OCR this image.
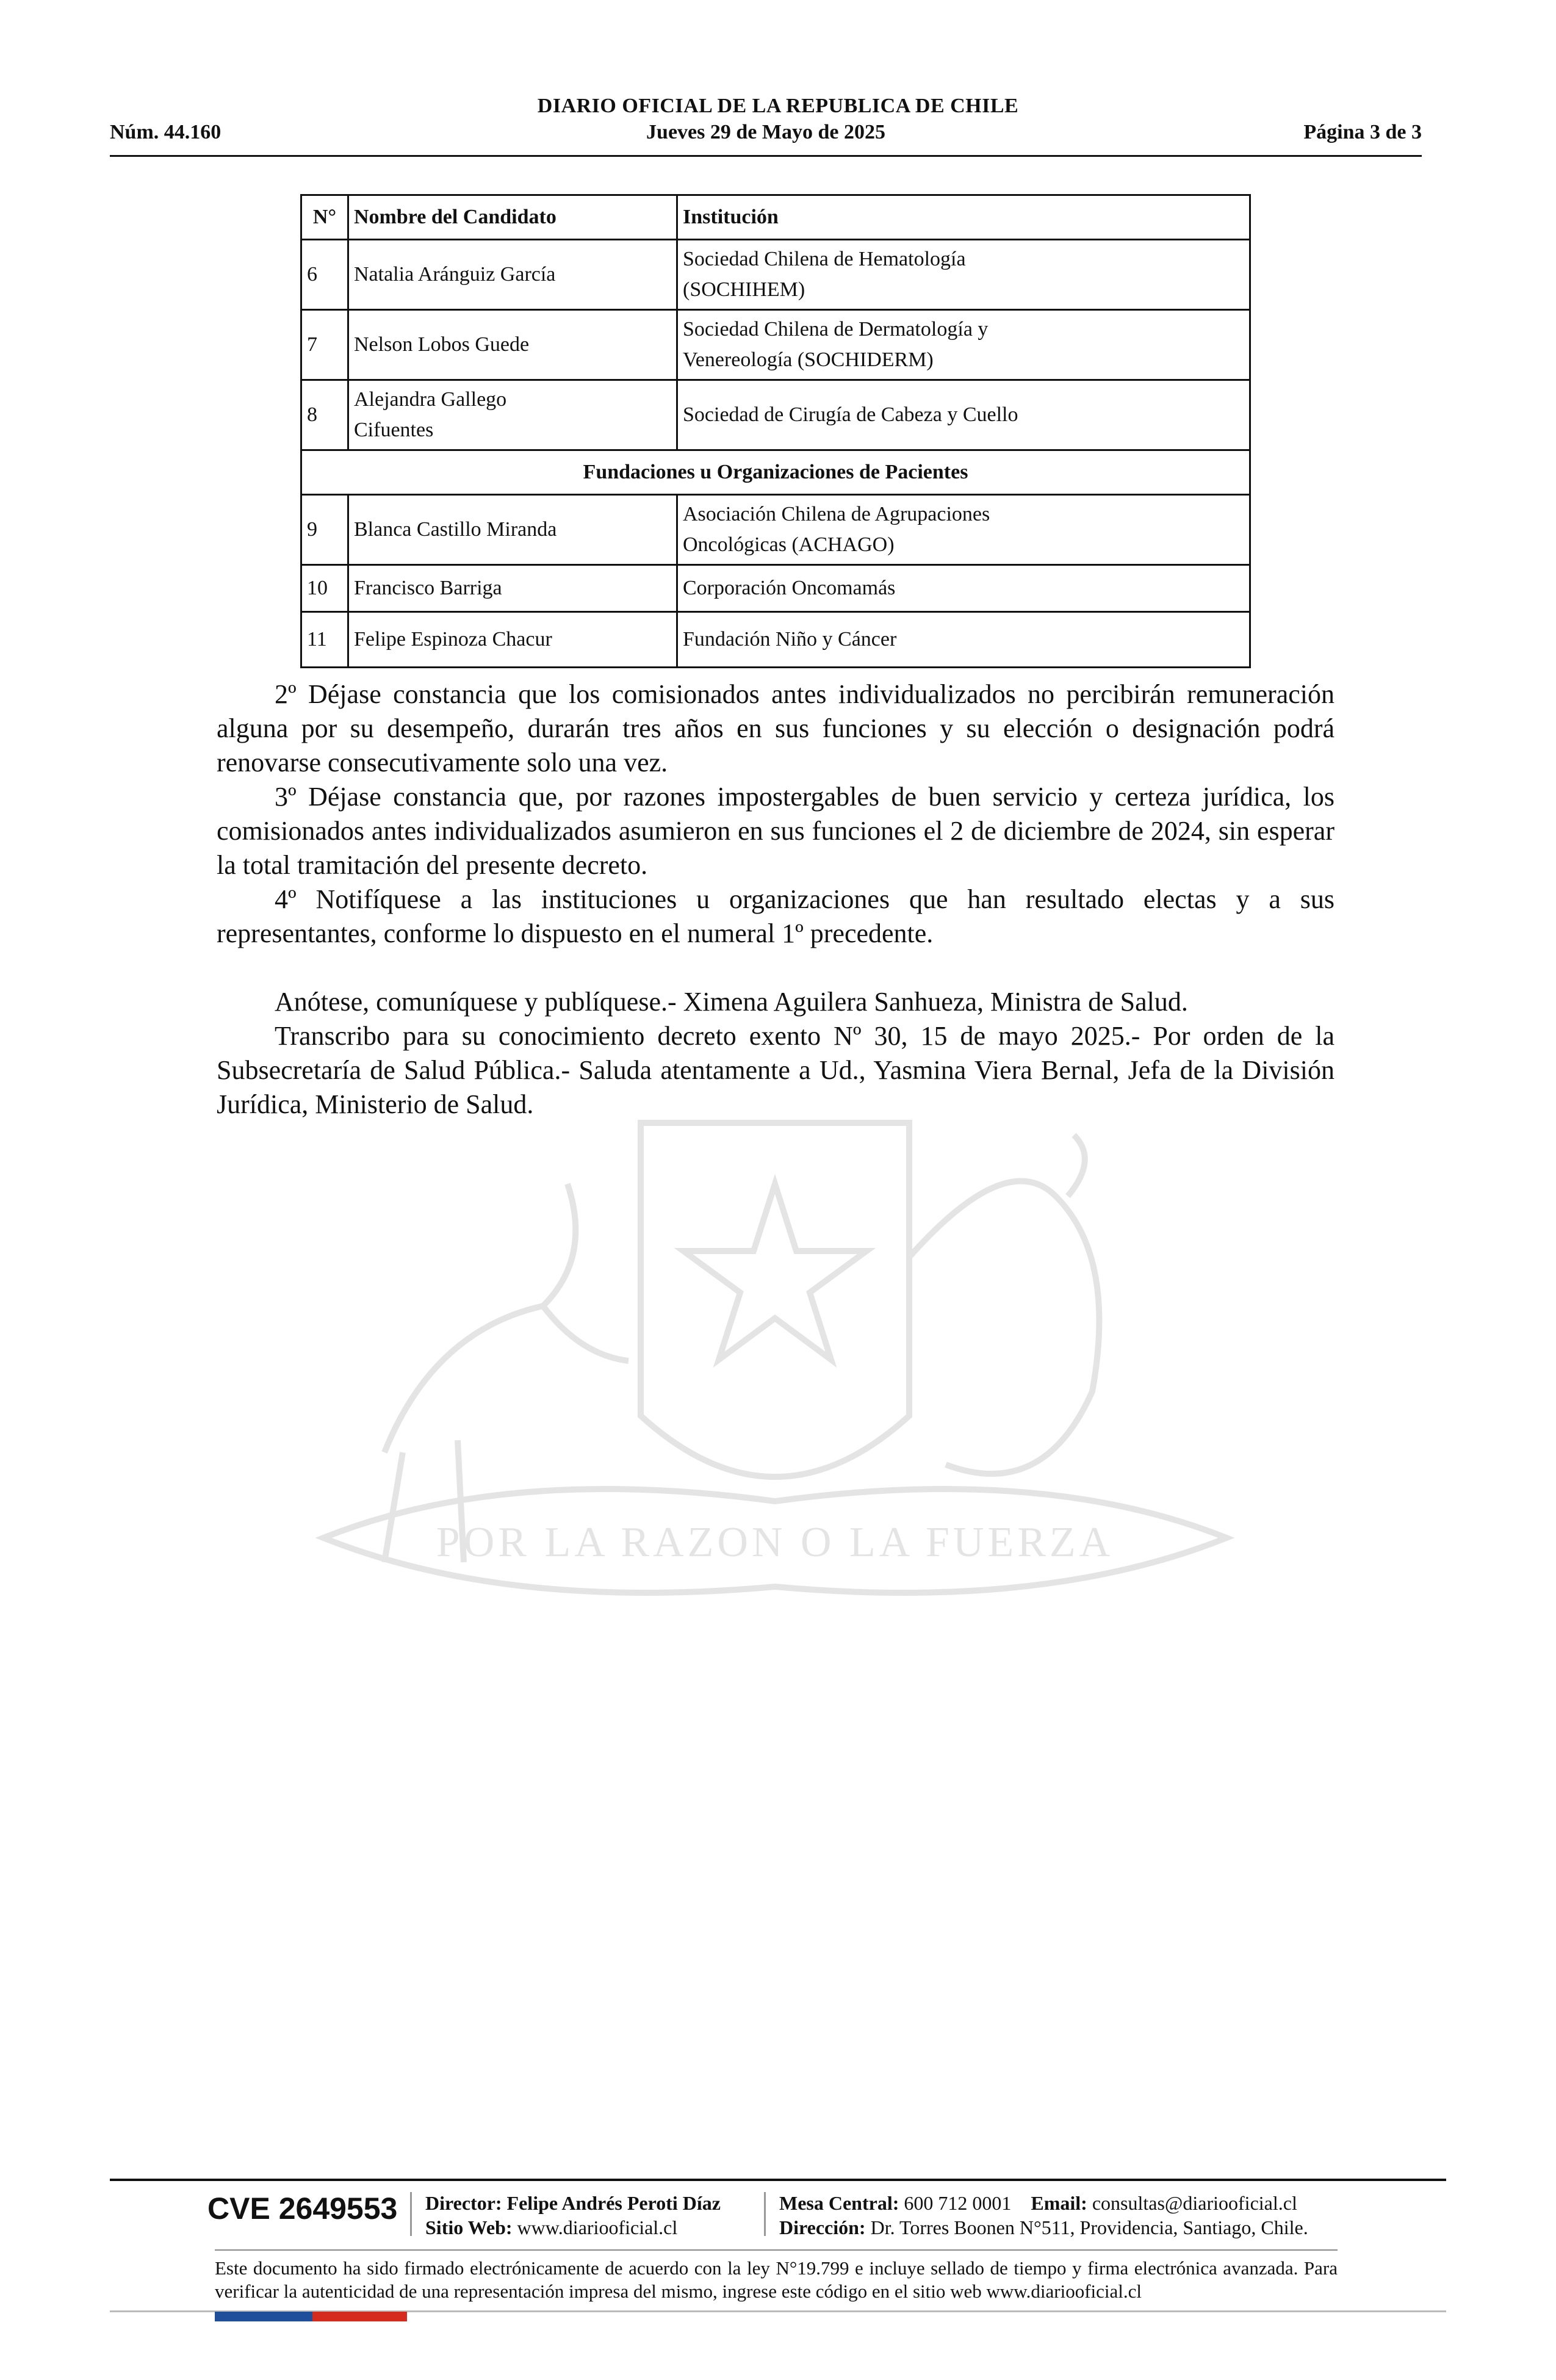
DIARIO OFICIAL DE LA REPUBLICA DE CHILE
Jueves 29 de Mayo de 2025
Núm. 44.160	Página 3 de 3
POR LA RAZON O LA FUERZA
N°	Nombre del Candidato	Institución
6	Natalia Aránguiz García	Sociedad Chilena de Hematología
(SOCHIHEM)
7	Nelson Lobos Guede	Sociedad Chilena de Dermatología y
Venereología (SOCHIDERM)
8	Alejandra Gallego
Cifuentes	Sociedad de Cirugía de Cabeza y Cuello
Fundaciones u Organizaciones de Pacientes		
9	Blanca Castillo Miranda	Asociación Chilena de Agrupaciones
Oncológicas (ACHAGO)
10	Francisco Barriga	Corporación Oncomamás
11	Felipe Espinoza Chacur	Fundación Niño y Cáncer

2º Déjase constancia que los comisionados antes individualizados no percibirán remuneración alguna por su desempeño, durarán tres años en sus funciones y su elección o designación podrá renovarse consecutivamente solo una vez.

3º Déjase constancia que, por razones impostergables de buen servicio y certeza jurídica, los comisionados antes individualizados asumieron en sus funciones el 2 de diciembre de 2024, sin esperar la total tramitación del presente decreto.

4º Notifíquese a las instituciones u organizaciones que han resultado electas y a sus representantes, conforme lo dispuesto en el numeral 1º precedente.

Anótese, comuníquese y publíquese.- Ximena Aguilera Sanhueza, Ministra de Salud.

Transcribo para su conocimiento decreto exento Nº 30, 15 de mayo 2025.- Por orden de la Subsecretaría de Salud Pública.- Saluda atentamente a Ud., Yasmina Viera Bernal, Jefa de la División Jurídica, Ministerio de Salud.

CVE 2649553 Director: Felipe Andrés Peroti Díaz
Sitio Web: www.diariooficial.cl
Mesa Central: 600 712 0001 Email: consultas@diariooficial.cl
Dirección: Dr. Torres Boonen N°511, Providencia, Santiago, Chile.
Este documento ha sido firmado electrónicamente de acuerdo con la ley N°19.799 e incluye sellado de tiempo y firma electrónica avanzada. Para verificar la autenticidad de una representación impresa del mismo, ingrese este código en el sitio web www.diariooficial.cl
